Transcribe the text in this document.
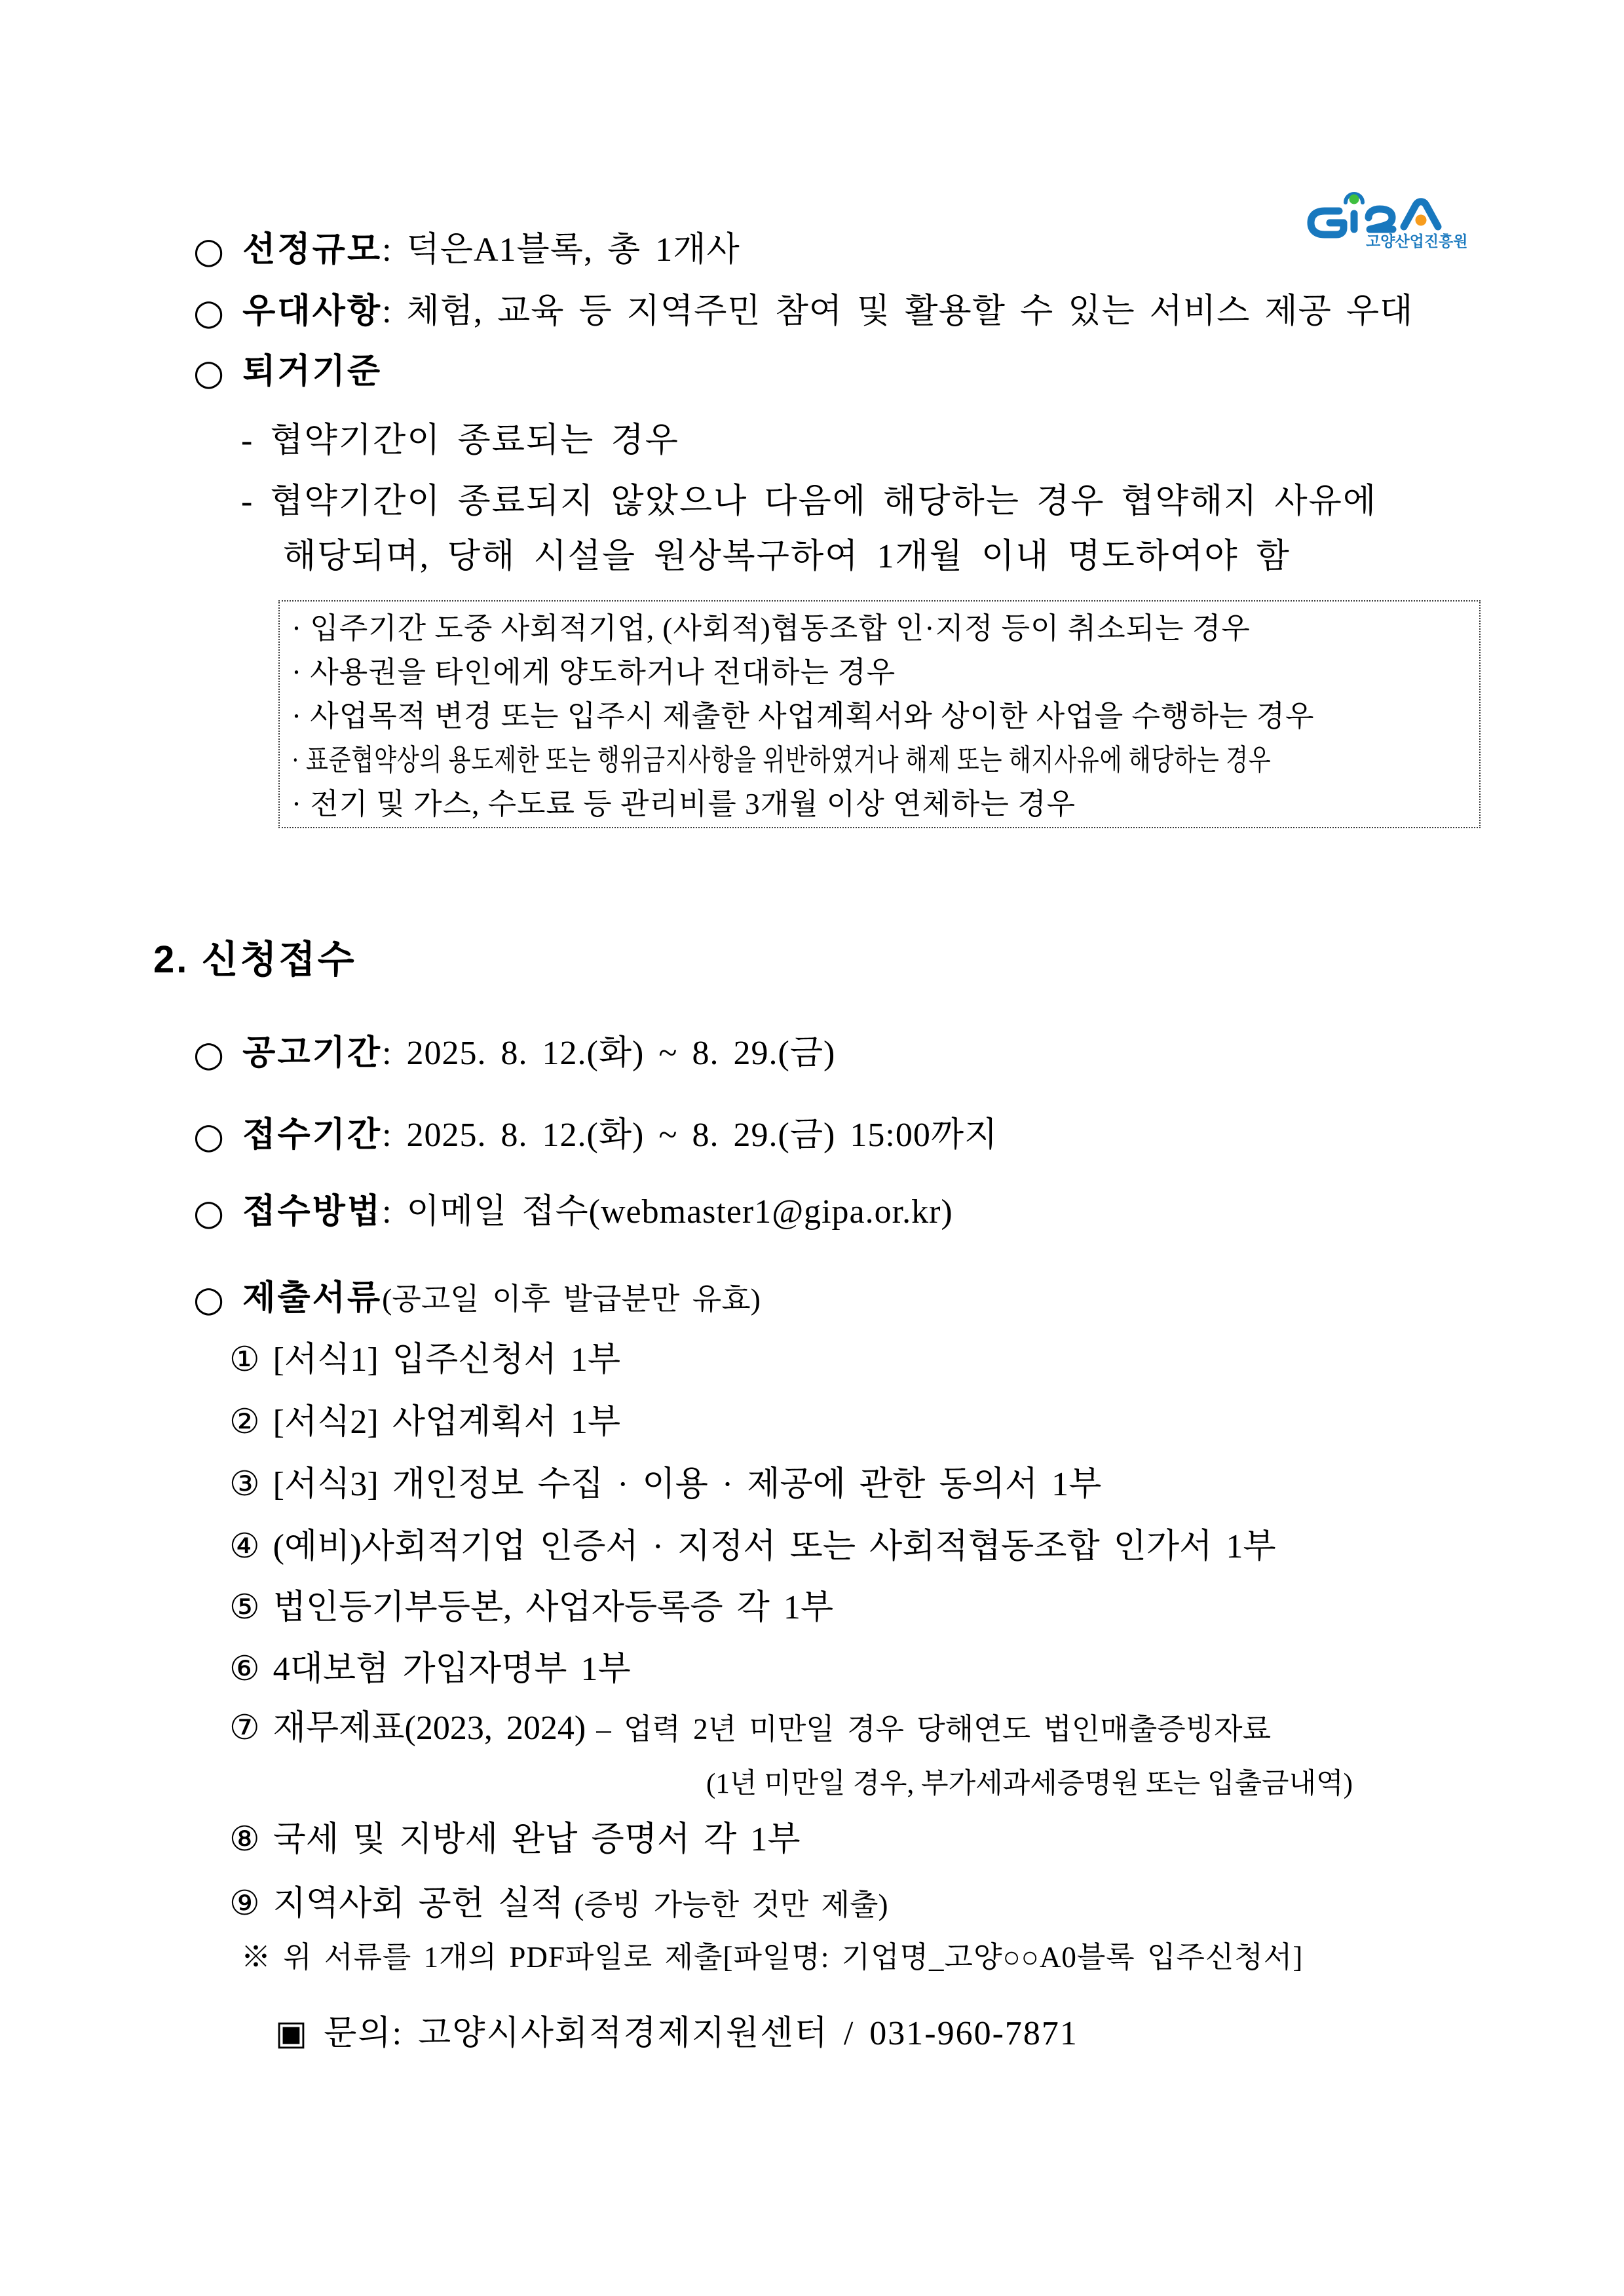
고양산업진흥원
○ 선정규모: 덕은A1블록, 총 1개사
○ 우대사항: 체험, 교육 등 지역주민 참여 및 활용할 수 있는 서비스 제공 우대
○ 퇴거기준
- 협약기간이 종료되는 경우
- 협약기간이 종료되지 않았으나 다음에 해당하는 경우 협약해지 사유에
해당되며, 당해 시설을 원상복구하여 1개월 이내 명도하여야 함
· 입주기간 도중 사회적기업, (사회적)협동조합 인·지정 등이 취소되는 경우
· 사용권을 타인에게 양도하거나 전대하는 경우
· 사업목적 변경 또는 입주시 제출한 사업계획서와 상이한 사업을 수행하는 경우
· 표준협약상의 용도제한 또는 행위금지사항을 위반하였거나 해제 또는 해지사유에 해당하는 경우
· 전기 및 가스, 수도료 등 관리비를 3개월 이상 연체하는 경우
2. 신청접수
○ 공고기간: 2025. 8. 12.(화) ~ 8. 29.(금)
○ 접수기간: 2025. 8. 12.(화) ~ 8. 29.(금) 15:00까지
○ 접수방법: 이메일 접수(webmaster1@gipa.or.kr)
○ 제출서류(공고일 이후 발급분만 유효)
① [서식1] 입주신청서 1부
② [서식2] 사업계획서 1부
③ [서식3] 개인정보 수집 · 이용 · 제공에 관한 동의서 1부
④ (예비)사회적기업 인증서 · 지정서 또는 사회적협동조합 인가서 1부
⑤ 법인등기부등본, 사업자등록증 각 1부
⑥ 4대보험 가입자명부 1부
⑦ 재무제표(2023, 2024) – 업력 2년 미만일 경우 당해연도 법인매출증빙자료
(1년 미만일 경우, 부가세과세증명원 또는 입출금내역)
⑧ 국세 및 지방세 완납 증명서 각 1부
⑨ 지역사회 공헌 실적 (증빙 가능한 것만 제출)
※ 위 서류를 1개의 PDF파일로 제출[파일명: 기업명_고양○○A0블록 입주신청서]
▣ 문의: 고양시사회적경제지원센터 / 031-960-7871
